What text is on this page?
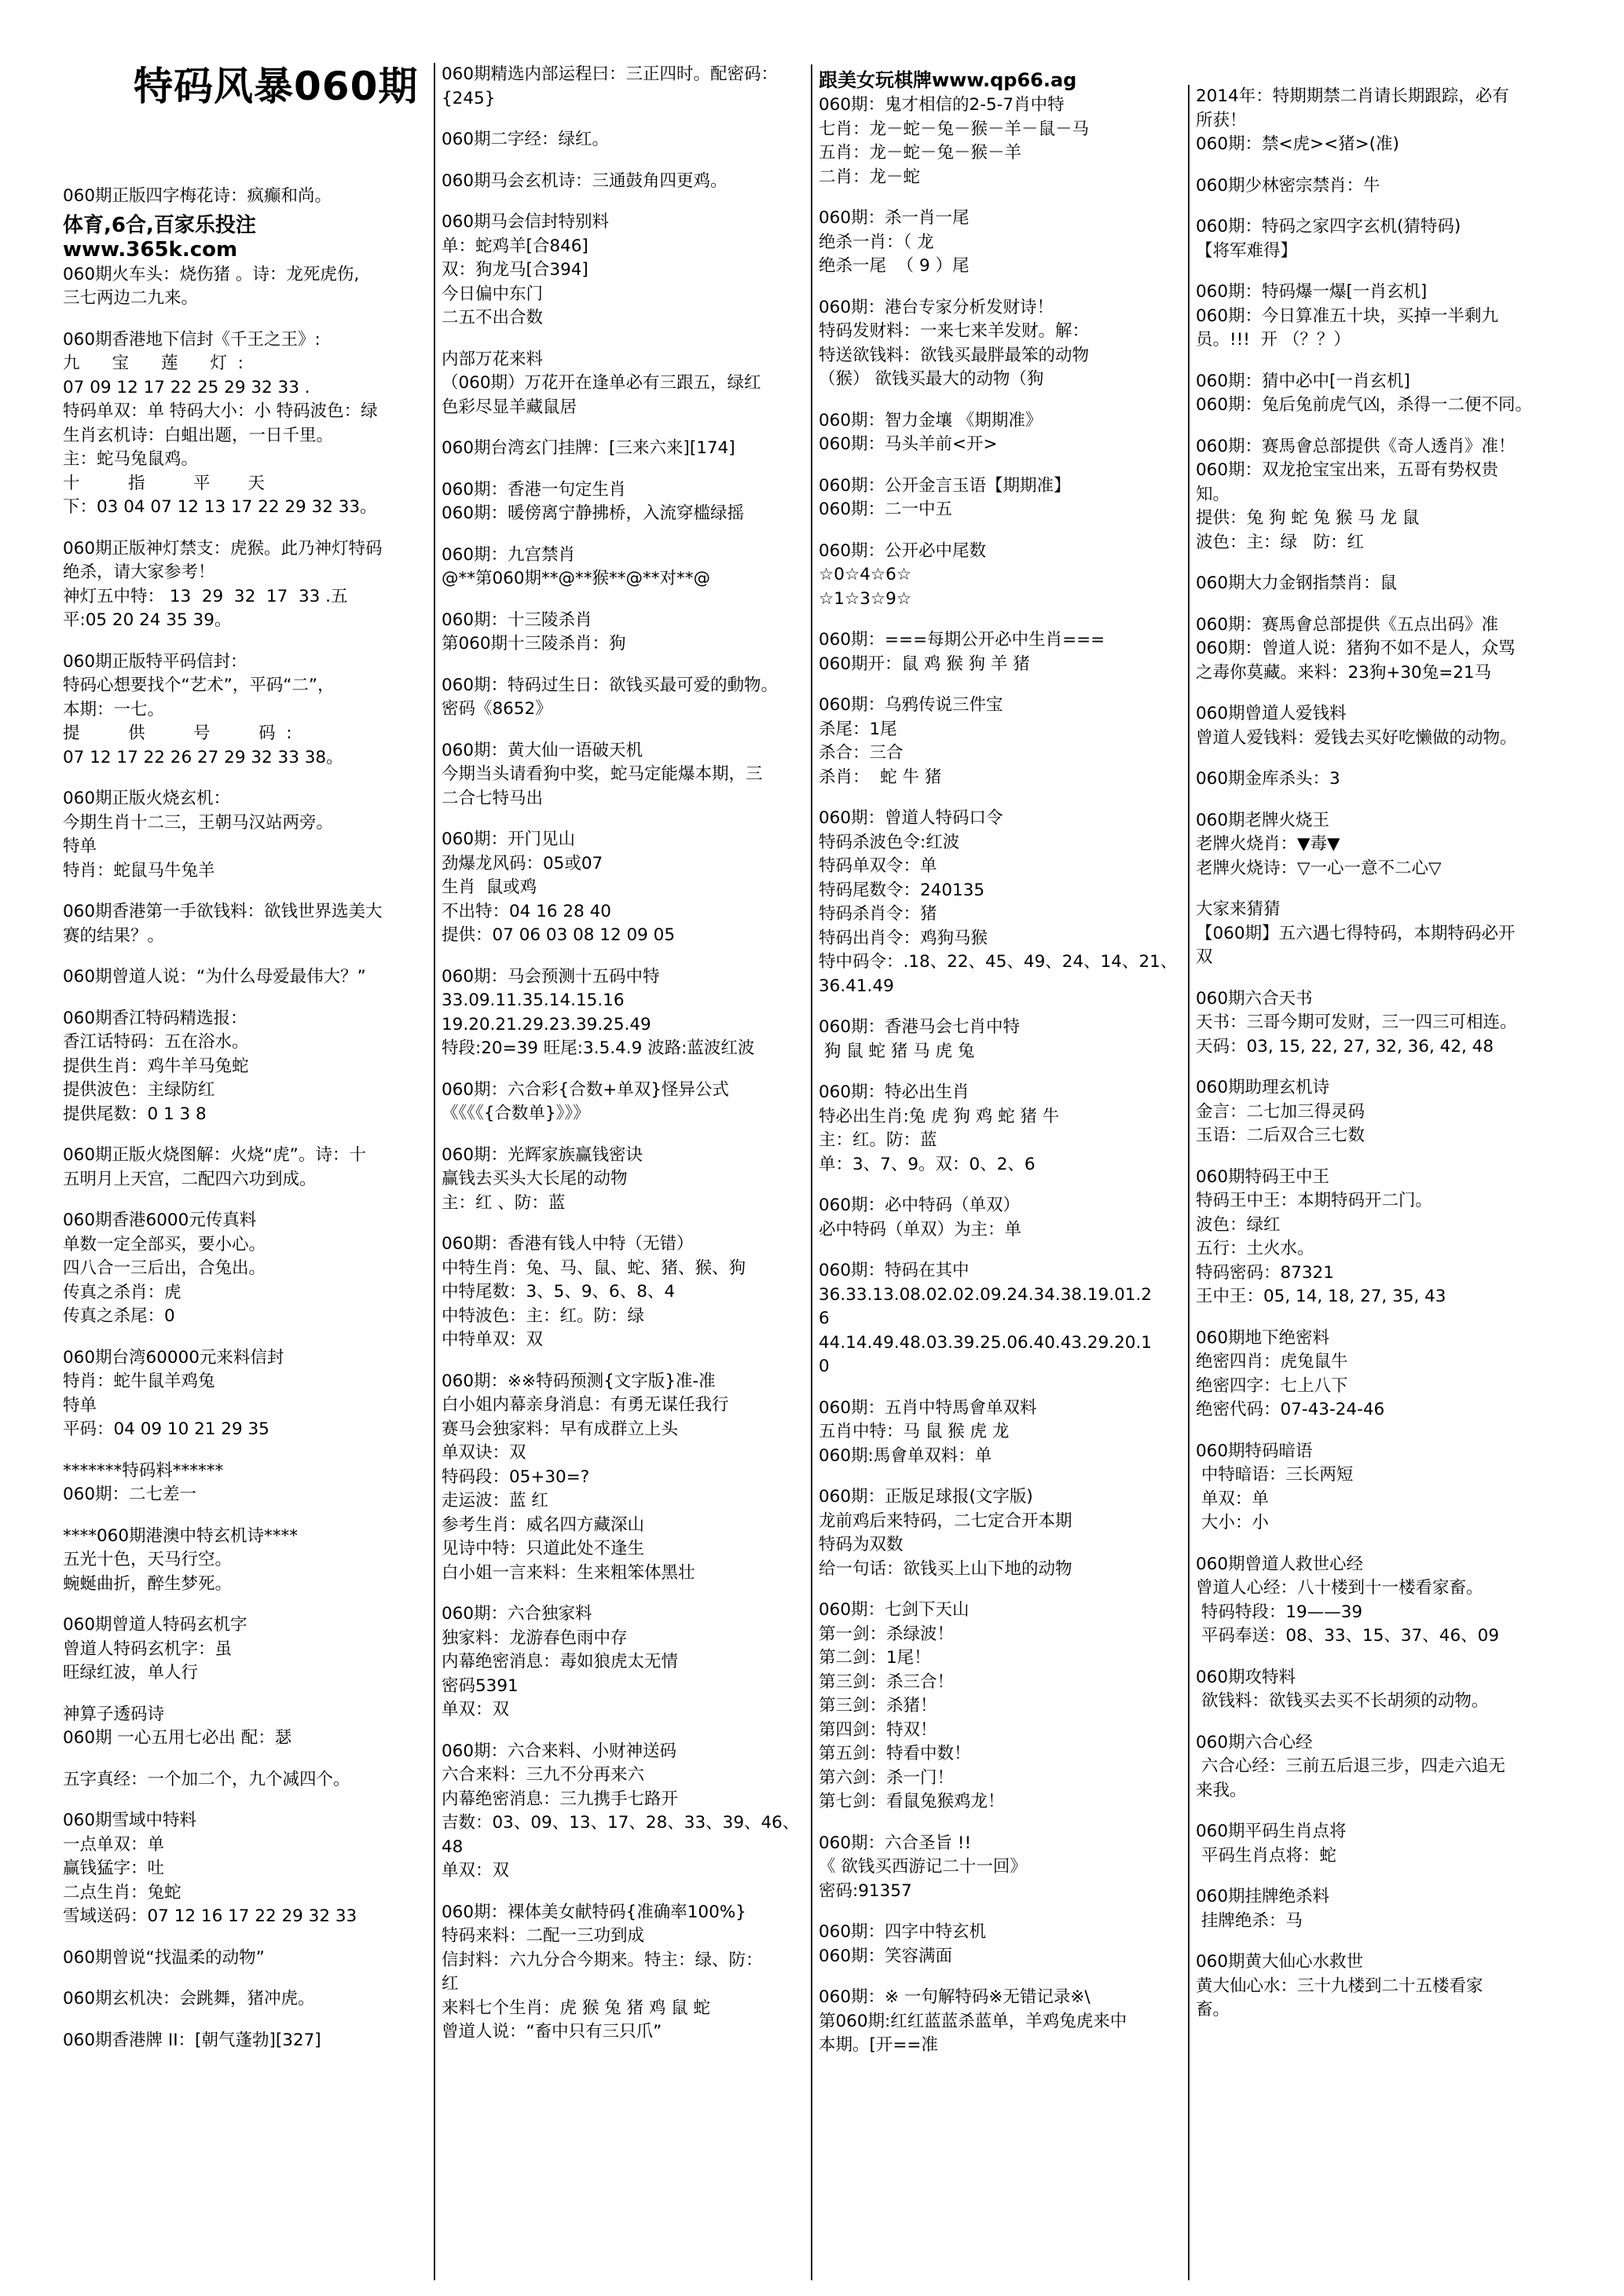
特码风暴060期
060期正版四字梅花诗：疯癫和尚。
体育,6合,百家乐投注www.365k.com
060期火车头：烧伤猪 。诗：龙死虎伤,
三七两边二九来。
060期香港地下信封《千王之王》:
九      宝      莲      灯  :
07 09 12 17 22 25 29 32 33 .
特码单双：单 特码大小：小 特码波色：绿
生肖玄机诗：白蛆出题，一日千里。
主：蛇马兔鼠鸡。
十         指         平       天
下：03 04 07 12 13 17 22 29 32 33。
060期正版神灯禁支：虎猴。此乃神灯特码
绝杀，请大家参考！
神灯五中特： 13  29  32  17  33 .五
平:05 20 24 35 39。
060期正版特平码信封：
特码心想要找个“艺术”，平码“二”，
本期：一七。
提         供         号         码  :
07 12 17 22 26 27 29 32 33 38。
060期正版火烧玄机：
今期生肖十二三，王朝马汉站两旁。
特单
特肖：蛇鼠马牛兔羊
060期香港第一手欲钱料：欲钱世界选美大
赛的结果？。
060期曾道人说：“为什么母爱最伟大？”
060期香江特码精选报：
香江话特码：五在浴水。
提供生肖：鸡牛羊马兔蛇
提供波色：主绿防红
提供尾数：0 1 3 8
060期正版火烧图解：火烧“虎”。诗：十
五明月上天宫，二配四六功到成。
060期香港6000元传真料
单数一定全部买，要小心。
四八合一三后出，合兔出。
传真之杀肖：虎
传真之杀尾：0
060期台湾60000元来料信封
特肖：蛇牛鼠羊鸡兔
特单
平码：04 09 10 21 29 35
*******特码料******
060期：二七差一
****060期港澳中特玄机诗****
五光十色，天马行空。
蜿蜒曲折，醉生梦死。
060期曾道人特码玄机字
曾道人特码玄机字：虽
旺绿红波，单人行
神算子透码诗
060期 一心五用七必出 配：瑟
五字真经：一个加二个，九个减四个。
060期雪域中特料
一点单双：单
赢钱猛字：吐
二点生肖：兔蛇
雪域送码：07 12 16 17 22 29 32 33
060期曾说“找温柔的动物”
060期玄机决：会跳舞，猪冲虎。
060期香港牌 II：[朝气蓬勃][327]
060期精选内部运程曰：三正四时。配密码：
{245}
060期二字经：绿红。
060期马会玄机诗：三通鼓角四更鸡。
060期马会信封特别料
单：蛇鸡羊[合846]
双：狗龙马[合394]
今日偏中东门
二五不出合数
内部万花来料
（060期）万花开在逢单必有三跟五，绿红
色彩尽显羊藏鼠居
060期台湾玄门挂牌：[三来六来][174]
060期：香港一句定生肖
060期：暖傍离宁静拂桥，入流穿槛绿摇
060期：九宫禁肖
@**第060期**@**猴**@**对**@
060期：十三陵杀肖
第060期十三陵杀肖：狗
060期：特码过生日：欲钱买最可爱的動物。
密码《8652》
060期：黄大仙一语破天机
今期当头请看狗中奖，蛇马定能爆本期，三
二合七特马出
060期：开门见山
劲爆龙风码：05或07
生肖  鼠或鸡
不出特：04 16 28 40
提供：07 06 03 08 12 09 05
060期：马会预测十五码中特
33.09.11.35.14.15.16
19.20.21.29.23.39.25.49
特段:20=39 旺尾:3.5.4.9 波路:蓝波红波
060期：六合彩{合数+单双}怪异公式
《《《《{合数单}》》》
060期：光辉家族赢钱密诀
赢钱去买头大长尾的动物
主：红 、防：蓝
060期：香港有钱人中特（无错）
中特生肖：兔、马、鼠、蛇、猪、猴、狗
中特尾数：3、5、9、6、8、4
中特波色：主：红。防：绿
中特单双：双
060期：※※特码预测{文字版}准-准
白小姐内幕亲身消息：有勇无谋任我行
赛马会独家料：早有成群立上头
单双诀：双
特码段：05+30=?
走运波：蓝 红
参考生肖：威名四方藏深山
见诗中特：只道此处不逢生
白小姐一言来料：生来粗笨体黑壮
060期：六合独家料
独家料：龙游春色雨中存
内幕绝密消息：毒如狼虎太无情
密码5391
单双：双
060期：六合来料、小财神送码
六合来料：三九不分再来六
内幕绝密消息：三九携手七路开
吉数：03、09、13、17、28、33、39、46、
48
单双：双
060期：裸体美女献特码{准确率100%}
特码来料：二配一三功到成
信封料：六九分合今期来。特主：绿、防：
红
来料七个生肖：虎 猴 兔 猪 鸡 鼠 蛇
曾道人说：“畜中只有三只爪”
跟美女玩棋牌www.qp66.ag
060期：鬼才相信的2-5-7肖中特
七肖：龙－蛇－兔－猴－羊－鼠－马
五肖：龙－蛇－兔－猴－羊
二肖：龙－蛇
060期：杀一肖一尾
绝杀一肖：（ 龙
绝杀一尾  （ 9 ）尾
060期：港台专家分析发财诗！
特码发财料：一来七来羊发财。解：
特送欲钱料：欲钱买最胖最笨的动物
（猴） 欲钱买最大的动物（狗
060期：智力金壤 《期期准》
060期：马头羊前<开>
060期：公开金言玉语【期期准】
060期：二一中五
060期：公开必中尾数
☆0☆4☆6☆
☆1☆3☆9☆
060期：===每期公开必中生肖===
060期开：鼠 鸡 猴 狗 羊 猪
060期：乌鸦传说三件宝
杀尾：1尾
杀合：三合
杀肖：  蛇 牛 猪
060期：曾道人特码口令
特码杀波色令:红波
特码单双令：单
特码尾数令：240135
特码杀肖令：猪
特码出肖令：鸡狗马猴
特中码令：.18、22、45、49、24、14、21、
36.41.49
060期：香港马会七肖中特
狗 鼠 蛇 猪 马 虎 兔
060期：特必出生肖
特必出生肖:兔 虎 狗 鸡 蛇 猪 牛
主：红。防：蓝
单：3、7、9。双：0、2、6
060期：必中特码（单双）
必中特码（单双）为主：单
060期：特码在其中
36.33.13.08.02.02.09.24.34.38.19.01.2
6
44.14.49.48.03.39.25.06.40.43.29.20.1
0
060期：五肖中特馬會单双料
五肖中特：马 鼠 猴 虎 龙
060期:馬會单双料：单
060期：正版足球报(文字版)
龙前鸡后来特码，二七定合开本期
特码为双数
给一句话：欲钱买上山下地的动物
060期：七剑下天山
第一剑：杀绿波！
第二剑：1尾！
第三剑：杀三合！
第三剑：杀猪！
第四剑：特双！
第五剑：特看中数！
第六剑：杀一门！
第七剑：看鼠兔猴鸡龙！
060期：六合圣旨 !!
《 欲钱买西游记二十一回》
密码:91357
060期：四字中特玄机
060期：笑容满面
060期：※ 一句解特码※无错记录※\
第060期:红红蓝蓝杀蓝单，羊鸡兔虎来中
本期。[开==准
2014年：特期期禁二肖请长期跟踪，必有
所获！
060期：禁<虎><猪>(准)
060期少林密宗禁肖：牛
060期：特码之家四字玄机(猜特码)
【将军难得】
060期：特码爆一爆[一肖玄机]
060期：今日算准五十块，买掉一半剩九
员。!!!  开 （？？）
060期：猜中必中[一肖玄机]
060期：兔后兔前虎气凶，杀得一二便不同。
060期：赛馬會总部提供《奇人透肖》准！
060期：双龙抢宝宝出来，五哥有势权贵
知。
提供：兔 狗 蛇 兔 猴 马 龙 鼠
波色：主：绿   防：红
060期大力金钢指禁肖：鼠
060期：赛馬會总部提供《五点出码》准
060期：曾道人说：猪狗不如不是人，众骂
之毒你莫藏。来料：23狗+30兔=21马
060期曾道人爱钱料
曾道人爱钱料：爱钱去买好吃懒做的动物。
060期金库杀头：3
060期老牌火烧王
老牌火烧肖：▼毒▼
老牌火烧诗：▽一心一意不二心▽
大家来猜猜
【060期】五六遇七得特码，本期特码必开
双
060期六合天书
天书：三哥今期可发财，三一四三可相连。
天码：03, 15, 22, 27, 32, 36, 42, 48
060期助理玄机诗
金言：二七加三得灵码
玉语：二后双合三七数
060期特码王中王
特码王中王：本期特码开二门。
波色：绿红
五行：土火水。
特码密码：87321
王中王：05, 14, 18, 27, 35, 43
060期地下绝密料
绝密四肖：虎兔鼠牛
绝密四字：七上八下
绝密代码：07-43-24-46
060期特码暗语
中特暗语：三长两短
单双：单
大小：小
060期曾道人救世心经
曾道人心经：八十楼到十一楼看家畜。
特码特段：19——39
平码奉送：08、33、15、37、46、09
060期攻特料
欲钱料：欲钱买去买不长胡须的动物。
060期六合心经
六合心经：三前五后退三步，四走六追无
来我。
060期平码生肖点将
平码生肖点将：蛇
060期挂牌绝杀料
挂牌绝杀：马
060期黄大仙心水救世
黄大仙心水：三十九楼到二十五楼看家
畜。
